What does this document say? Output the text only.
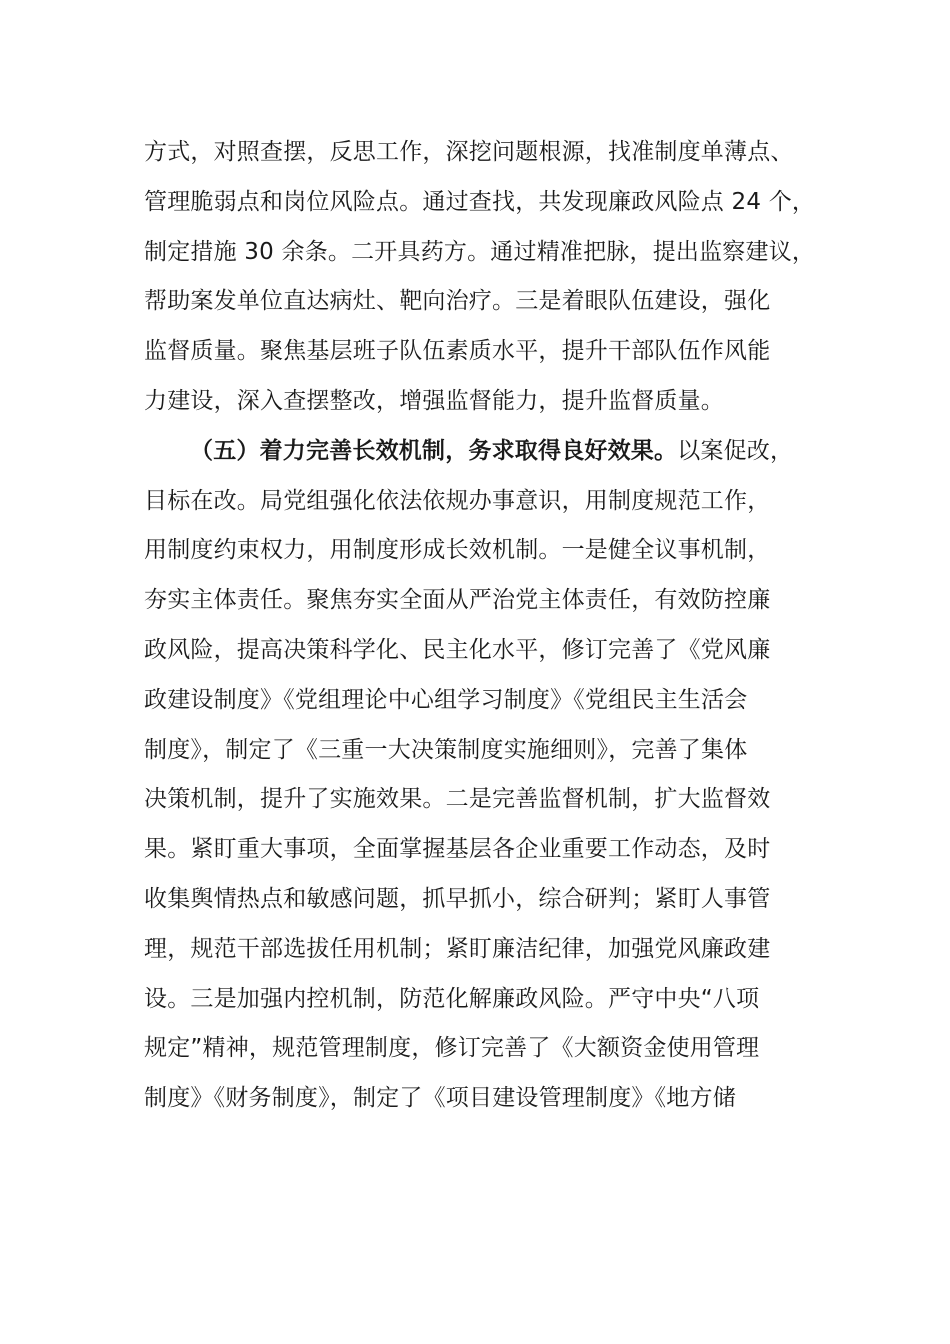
方式，对照查摆，反思工作，深挖问题根源，找准制度单薄点、
管理脆弱点和岗位风险点。通过查找，共发现廉政风险点 24 个，
制定措施 30 余条。二开具药方。通过精准把脉，提出监察建议，
帮助案发单位直达病灶、靶向治疗。三是着眼队伍建设，强化
监督质量。聚焦基层班子队伍素质水平，提升干部队伍作风能
力建设，深入查摆整改，增强监督能力，提升监督质量。
（五）着力完善长效机制，务求取得良好效果。以案促改，
目标在改。局党组强化依法依规办事意识，用制度规范工作，
用制度约束权力，用制度形成长效机制。一是健全议事机制，
夯实主体责任。聚焦夯实全面从严治党主体责任，有效防控廉
政风险，提高决策科学化、民主化水平，修订完善了《党风廉
政建设制度》《党组理论中心组学习制度》《党组民主生活会
制度》，制定了《三重一大决策制度实施细则》，完善了集体
决策机制，提升了实施效果。二是完善监督机制，扩大监督效
果。紧盯重大事项，全面掌握基层各企业重要工作动态，及时
收集舆情热点和敏感问题，抓早抓小，综合研判；紧盯人事管
理，规范干部选拔任用机制；紧盯廉洁纪律，加强党风廉政建
设。三是加强内控机制，防范化解廉政风险。严守中央“八项
规定”精神，规范管理制度，修订完善了《大额资金使用管理
制度》《财务制度》，制定了《项目建设管理制度》《地方储
